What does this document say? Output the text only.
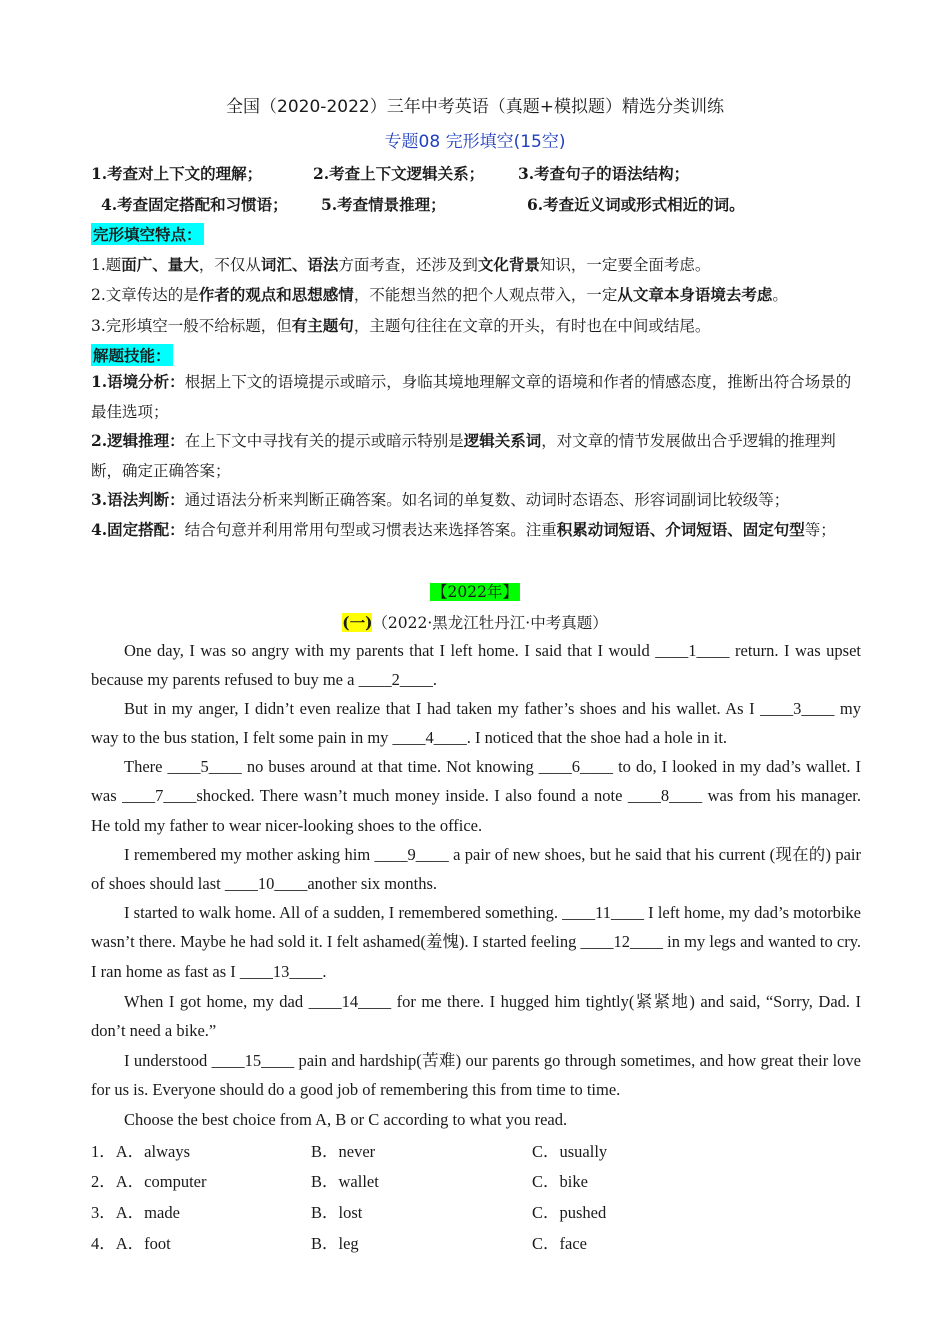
全国（2020-2022）三年中考英语（真题+模拟题）精选分类训练
专题08 完形填空(15空)
1.考查对上下文的理解；	2.考查上下文逻辑关系； 3.考查句子的语法结构；
4.考查固定搭配和习惯语； 5.考查情景推理；	6.考查近义词或形式相近的词。
完形填空特点：
1.题面广、量大，不仅从词汇、语法方面考查，还涉及到文化背景知识，一定要全面考虑。
2.文章传达的是作者的观点和思想感情，不能想当然的把个人观点带入，一定从文章本身语境去考虑。
3.完形填空一般不给标题，但有主题句，主题句往往在文章的开头，有时也在中间或结尾。
解题技能：
1.语境分析：根据上下文的语境提示或暗示，身临其境地理解文章的语境和作者的情感态度，推断出符合场景的最佳选项；
2.逻辑推理：在上下文中寻找有关的提示或暗示特别是逻辑关系词，对文章的情节发展做出合乎逻辑的推理判断，确定正确答案；
3.语法判断：通过语法分析来判断正确答案。如名词的单复数、动词时态语态、形容词副词比较级等；
4.固定搭配：结合句意并利用常用句型或习惯表达来选择答案。注重积累动词短语、介词短语、固定句型等；
【2022年】
(一)（2022·黑龙江牡丹江·中考真题）
One day, I was so angry with my parents that I left home. I said that I would ____1____ return. I was upset because my parents refused to buy me a ____2____.
But in my anger, I didn’t even realize that I had taken my father’s shoes and his wallet. As I ____3____ my way to the bus station, I felt some pain in my ____4____. I noticed that the shoe had a hole in it.
There ____5____ no buses around at that time. Not knowing ____6____ to do, I looked in my dad’s wallet. I was ____7____shocked. There wasn’t much money inside. I also found a note ____8____ was from his manager. He told my father to wear nicer-looking shoes to the office.
I remembered my mother asking him ____9____ a pair of new shoes, but he said that his current (现在的) pair of shoes should last ____10____another six months.
I started to walk home. All of a sudden, I remembered something. ____11____ I left home, my dad’s motorbike wasn’t there. Maybe he had sold it. I felt ashamed(羞愧). I started feeling ____12____ in my legs and wanted to cry. I ran home as fast as I ____13____.
When I got home, my dad ____14____ for me there. I hugged him tightly(紧紧地) and said, “Sorry, Dad. I don’t need a bike.”
I understood ____15____ pain and hardship(苦难) our parents go through sometimes, and how great their love for us is. Everyone should do a good job of remembering this from time to time.
Choose the best choice from A, B or C according to what you read.
1．A．always	B．never	C．usually
2．A．computer	B．wallet	C．bike
3．A．made	B．lost	C．pushed
4．A．foot	B．leg	C．face
